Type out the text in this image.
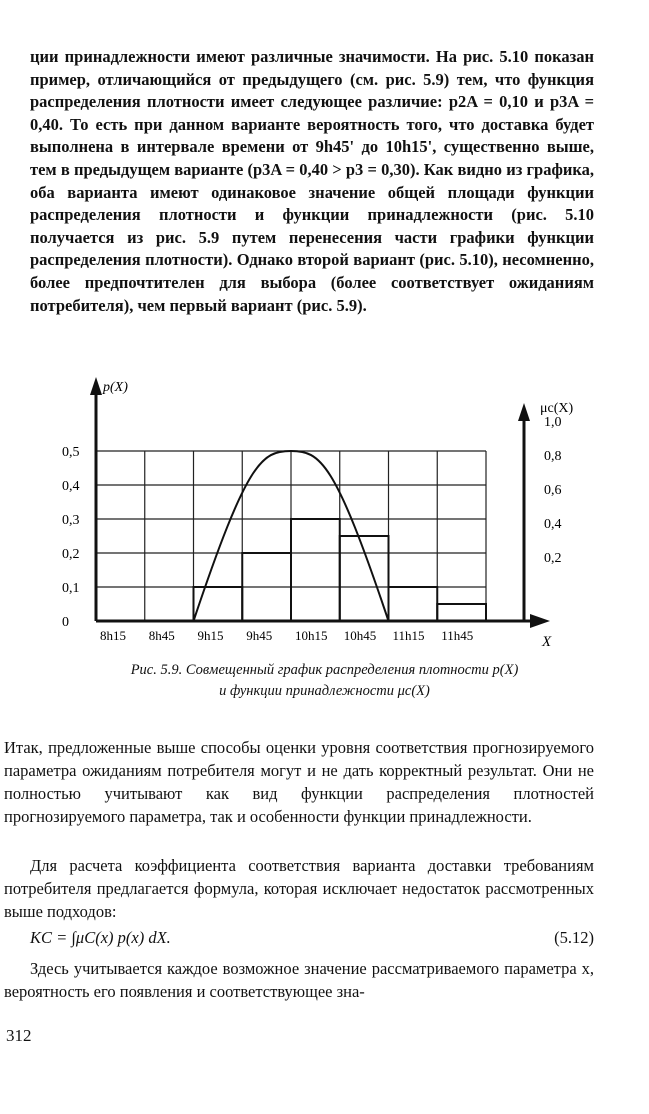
ции принадлежности имеют различные значимости. На рис. 5.10 показан пример, отличающийся от предыдущего (см. рис. 5.9) тем, что функция распределения плотности имеет следующее различие: p2A = 0,10 и p3A = 0,40. То есть при данном варианте вероятность того, что доставка будет выполнена в интервале времени от 9h45' до 10h15', существенно выше, тем в предыдущем варианте (p3A = 0,40 > p3 = 0,30). Как видно из графика, оба варианта имеют одинаковое значение общей площади функции распределения плотности и функции принадлежности (рис. 5.10 получается из рис. 5.9 путем перенесения части графики функции распределения плотности). Однако второй вариант (рис. 5.10), несомненно, более предпочтителен для выбора (более соответствует ожиданиям потребителя), чем первый вариант (рис. 5.9).

p(X)
μc(X)
X
0
0,1
0,2
0,3
0,4
0,5
0,2
0,4
0,6
0,8
1,0
8h15 8h45 9h15 9h45 10h15 10h45 11h15 11h45
Рис. 5.9. Совмещенный график распределения плотности p(X)
и функции принадлежности μc(X)

Итак, предложенные выше способы оценки уровня соответствия прогнозируемого параметра ожиданиям потребителя могут и не дать корректный результат. Они не полностью учитывают как вид функции распределения плотностей прогнозируемого параметра, так и особенности функции принадлежности.

Для расчета коэффициента соответствия варианта доставки требованиям потребителя предлагается формула, которая исключает недостаток рассмотренных выше подходов:

KC = ∫μC(x) p(x) dX.	(5.12)

Здесь учитывается каждое возможное значение рассматриваемого параметра x, вероятность его появления и соответствующее зна-

312
